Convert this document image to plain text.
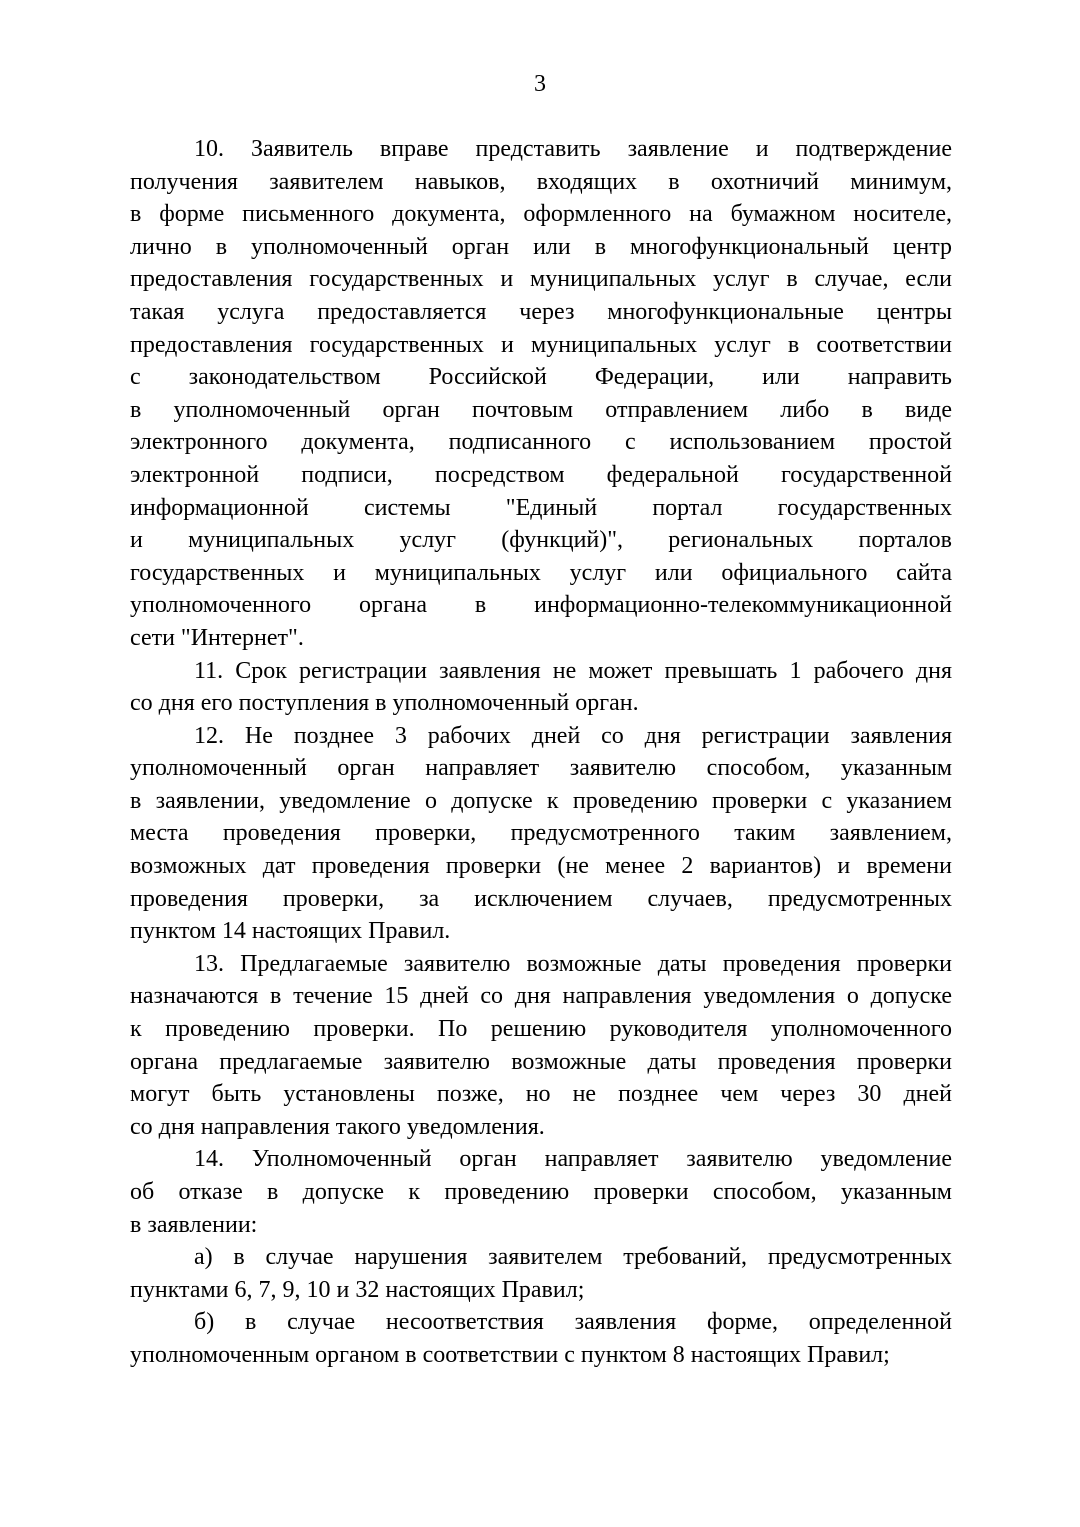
3
10. Заявитель вправе представить заявление и подтверждение
получения заявителем навыков, входящих в охотничий минимум,
в форме письменного документа, оформленного на бумажном носителе,
лично в уполномоченный орган или в многофункциональный центр
предоставления государственных и муниципальных услуг в случае, если
такая услуга предоставляется через многофункциональные центры
предоставления государственных и муниципальных услуг в соответствии
с законодательством Российской Федерации, или направить
в уполномоченный орган почтовым отправлением либо в виде
электронного документа, подписанного с использованием простой
электронной подписи, посредством федеральной государственной
информационной системы "Единый портал государственных
и муниципальных услуг (функций)", региональных порталов
государственных и муниципальных услуг или официального сайта
уполномоченного органа в информационно-телекоммуникационной
сети "Интернет".
11. Срок регистрации заявления не может превышать 1 рабочего дня
со дня его поступления в уполномоченный орган.
12. Не позднее 3 рабочих дней со дня регистрации заявления
уполномоченный орган направляет заявителю способом, указанным
в заявлении, уведомление о допуске к проведению проверки с указанием
места проведения проверки, предусмотренного таким заявлением,
возможных дат проведения проверки (не менее 2 вариантов) и времени
проведения проверки, за исключением случаев, предусмотренных
пунктом 14 настоящих Правил.
13. Предлагаемые заявителю возможные даты проведения проверки
назначаются в течение 15 дней со дня направления уведомления о допуске
к проведению проверки. По решению руководителя уполномоченного
органа предлагаемые заявителю возможные даты проведения проверки
могут быть установлены позже, но не позднее чем через 30 дней
со дня направления такого уведомления.
14. Уполномоченный орган направляет заявителю уведомление
об отказе в допуске к проведению проверки способом, указанным
в заявлении:
а) в случае нарушения заявителем требований, предусмотренных
пунктами 6, 7, 9, 10 и 32 настоящих Правил;
б) в случае несоответствия заявления форме, определенной
уполномоченным органом в соответствии с пунктом 8 настоящих Правил;
